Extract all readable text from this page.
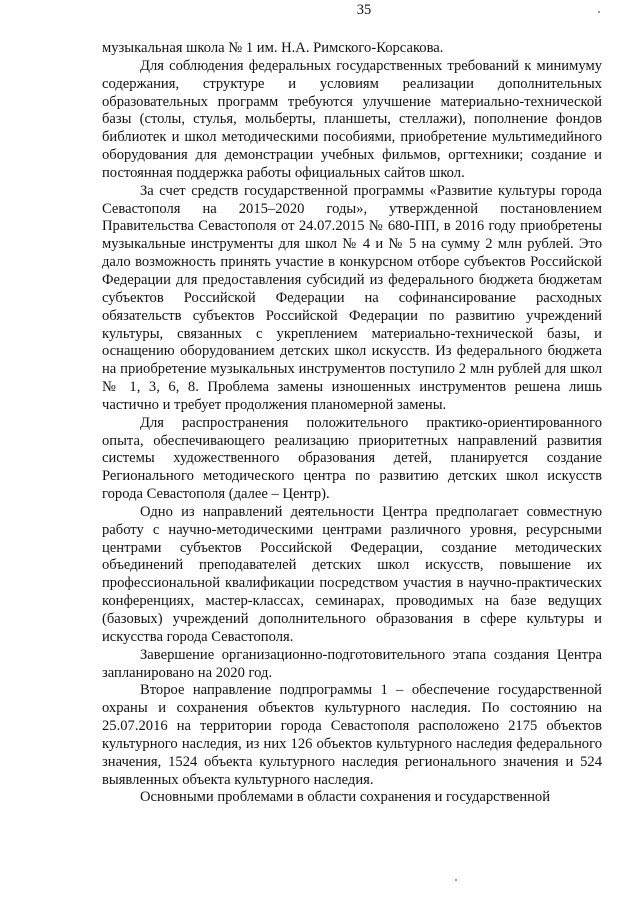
35

музыкальная школа № 1 им. Н.А. Римского-Корсакова.

Для соблюдения федеральных государственных требований к минимуму содержания, структуре и условиям реализации дополнительных образовательных программ требуются улучшение материально-технической базы (столы, стулья, мольберты, планшеты, стеллажи), пополнение фондов библиотек и школ методическими пособиями, приобретение мультимедийного оборудования для демонстрации учебных фильмов, оргтехники; создание и постоянная поддержка работы официальных сайтов школ.

За счет средств государственной программы «Развитие культуры города Севастополя на 2015–2020 годы», утвержденной постановлением Правительства Севастополя от 24.07.2015 № 680-ПП, в 2016 году приобретены музыкальные инструменты для школ № 4 и № 5 на сумму 2 млн рублей. Это дало возможность принять участие в конкурсном отборе субъектов Российской Федерации для предоставления субсидий из федерального бюджета бюджетам субъектов Российской Федерации на софинансирование расходных обязательств субъектов Российской Федерации по развитию учреждений культуры, связанных с укреплением материально-технической базы, и оснащению оборудованием детских школ искусств. Из федерального бюджета на приобретение музыкальных инструментов поступило 2 млн рублей для школ № 1, 3, 6, 8. Проблема замены изношенных инструментов решена лишь частично и требует продолжения планомерной замены.

Для распространения положительного практико-ориентированного опыта, обеспечивающего реализацию приоритетных направлений развития системы художественного образования детей, планируется создание Регионального методического центра по развитию детских школ искусств города Севастополя (далее – Центр).

Одно из направлений деятельности Центра предполагает совместную работу с научно-методическими центрами различного уровня, ресурсными центрами субъектов Российской Федерации, создание методических объединений преподавателей детских школ искусств, повышение их профессиональной квалификации посредством участия в научно-практических конференциях, мастер-классах, семинарах, проводимых на базе ведущих (базовых) учреждений дополнительного образования в сфере культуры и искусства города Севастополя.

Завершение организационно-подготовительного этапа создания Центра запланировано на 2020 год.

Второе направление подпрограммы 1 – обеспечение государственной охраны и сохранения объектов культурного наследия. По состоянию на 25.07.2016 на территории города Севастополя расположено 2175 объектов культурного наследия, из них 126 объектов культурного наследия федерального значения, 1524 объекта культурного наследия регионального значения и 524 выявленных объекта культурного наследия.

Основными проблемами в области сохранения и государственной
